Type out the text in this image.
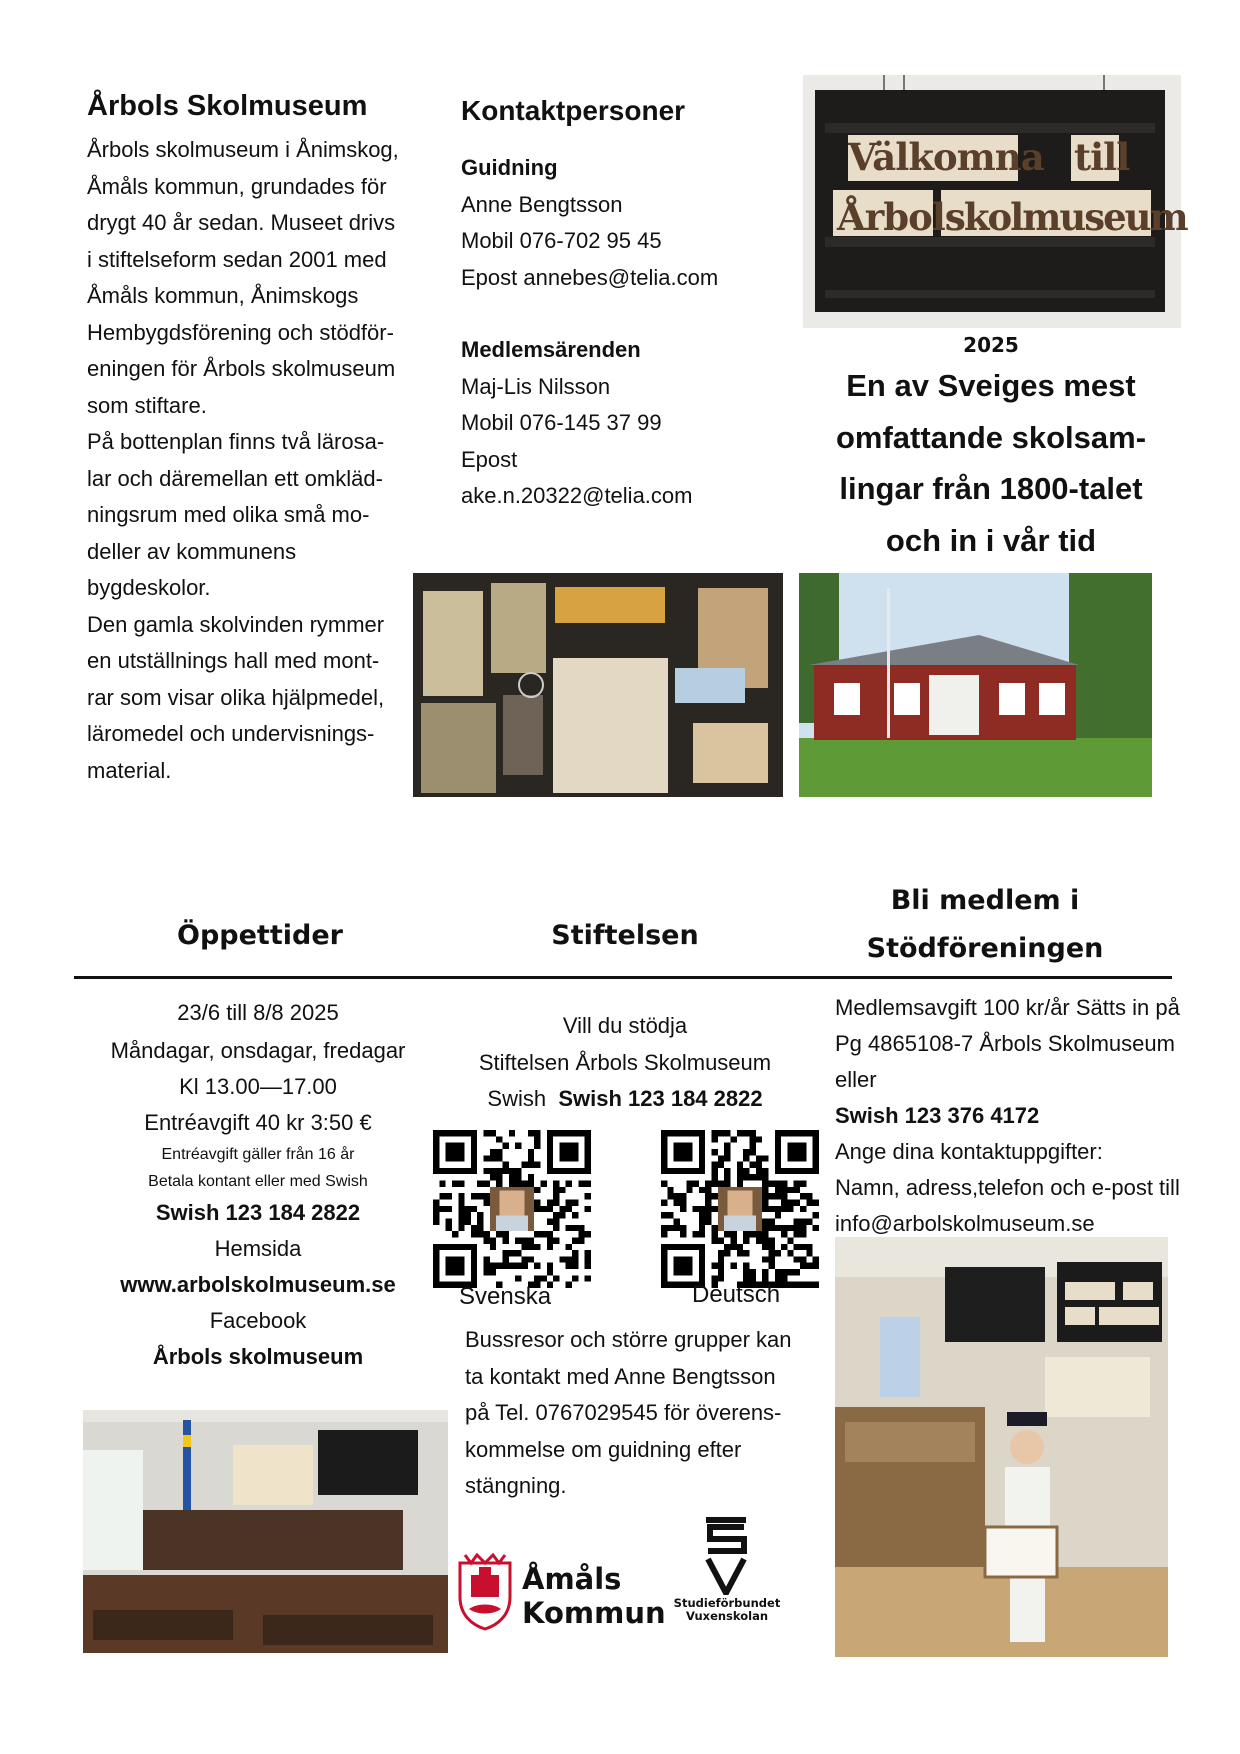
Årbols Skolmuseum
Årbols skolmuseum i Ånimskog,
Åmåls kommun, grundades för
drygt 40 år sedan. Museet drivs
i stiftelseform sedan 2001 med
Åmåls kommun, Ånimskogs
Hembygdsförening och stödför-
eningen för Årbols skolmuseum
som stiftare.
På bottenplan finns två lärosa-
lar och däremellan ett omkläd-
ningsrum med olika små mo-
deller av kommunens
bygdeskolor.
Den gamla skolvinden rymmer
en utställnings hall med mont-
rar som visar olika hjälpmedel,
läromedel och undervisnings-
material.
Kontaktpersoner
Guidning
Anne Bengtsson
Mobil 076-702 95 45
Epost annebes@telia.com
Medlemsärenden
Maj-Lis Nilsson
Mobil 076-145 37 99
Epost
ake.n.20322@telia.com
Välkomna till
Årbols
skolmuseum
2025
En av Sveiges mest
omfattande skolsam-
lingar från 1800-talet
och in i vår tid
Öppettider	Stiftelsen
Bli medlem i
Stödföreningen
23/6 till 8/8 2025
Måndagar, onsdagar, fredagar
Kl 13.00—17.00
Entréavgift 40 kr 3:50 €
Entréavgift gäller från 16 år
Betala kontant eller med Swish
Swish 123 184 2822
Hemsida
www.arbolskolmuseum.se
Facebook
Årbols skolmuseum
Vill du stödja
Stiftelsen Årbols Skolmuseum
Swish Swish 123 184 2822
Svenska	Deutsch
Bussresor och större grupper kan
ta kontakt med Anne Bengtsson
på Tel. 0767029545 för överens-
kommelse om guidning efter
stängning.
Åmåls
Kommun Studieförbundet
Vuxenskolan
Medlemsavgift 100 kr/år Sätts in på
Pg 4865108-7 Årbols Skolmuseum
eller
Swish 123 376 4172
Ange dina kontaktuppgifter:
Namn, adress,telefon och e-post till
info@arbolskolmuseum.se
